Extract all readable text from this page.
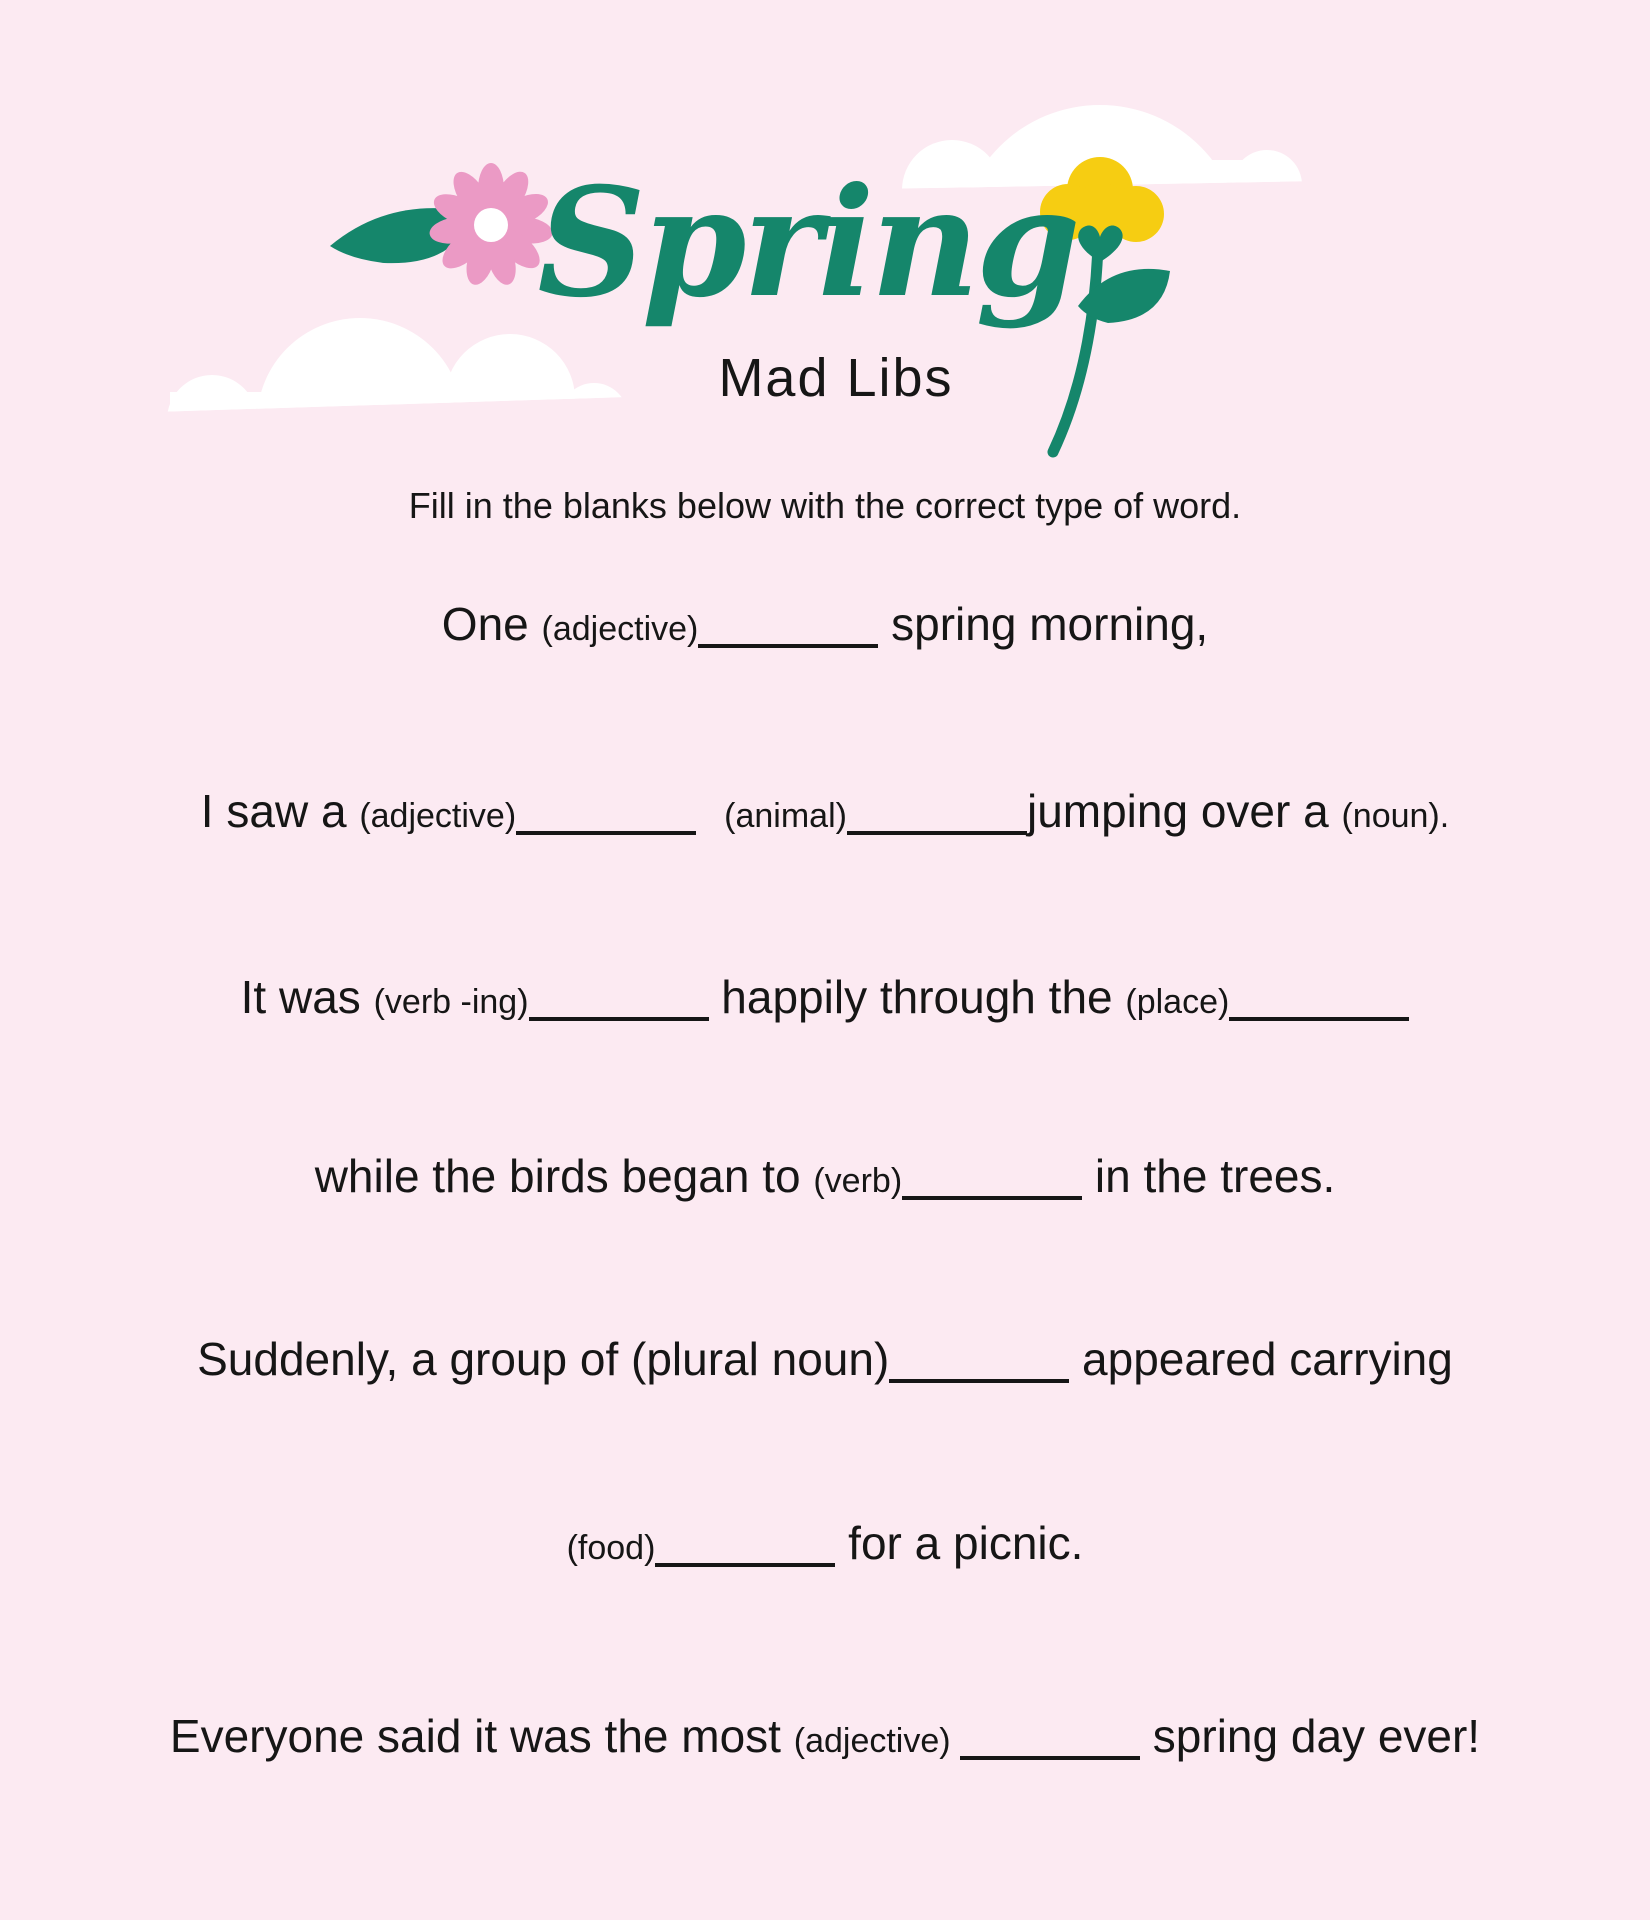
Spring
Mad Libs
Fill in the blanks below with the correct type of word.
One (adjective)	spring morning,
I saw a (adjective)	(animal)	jumping over a (noun).
It was (verb -ing)	happily through the (place)
while the birds began to (verb)	in the trees.
Suddenly, a group of (plural noun)	appeared carrying
(food)	for a picnic.
Everyone said it was the most (adjective)	spring day ever!
